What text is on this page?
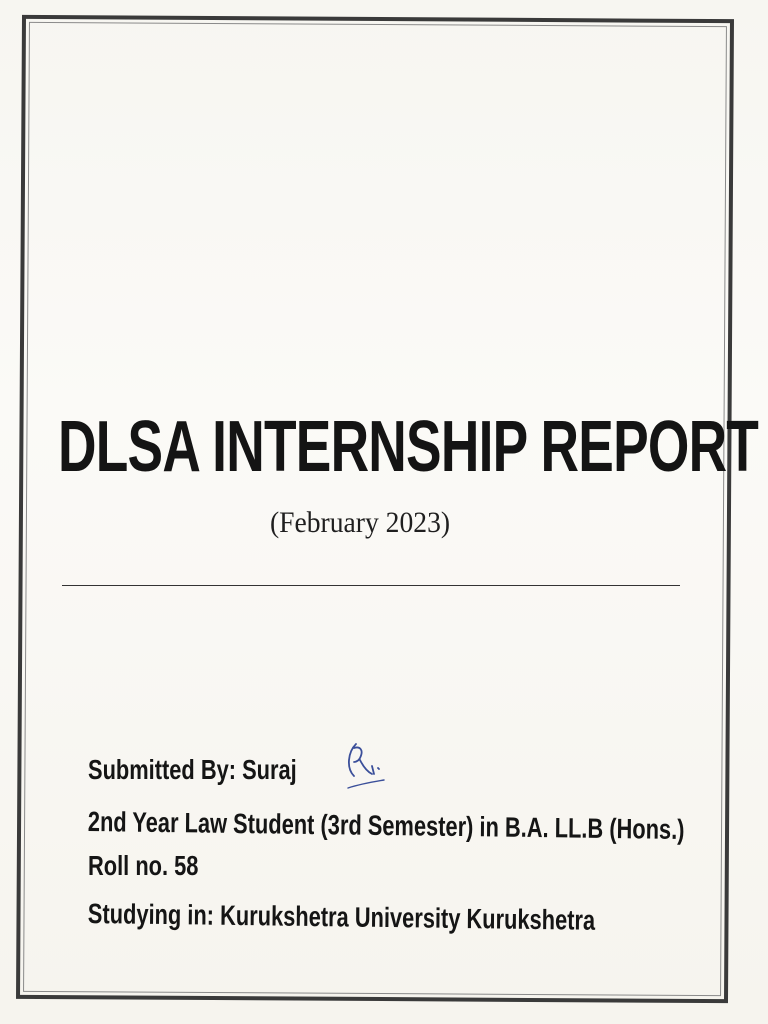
DLSA INTERNSHIP REPORT
(February 2023)
Submitted By: Suraj
2nd Year Law Student (3rd Semester) in B.A. LL.B (Hons.)
Roll no. 58
Studying in: Kurukshetra University Kurukshetra
